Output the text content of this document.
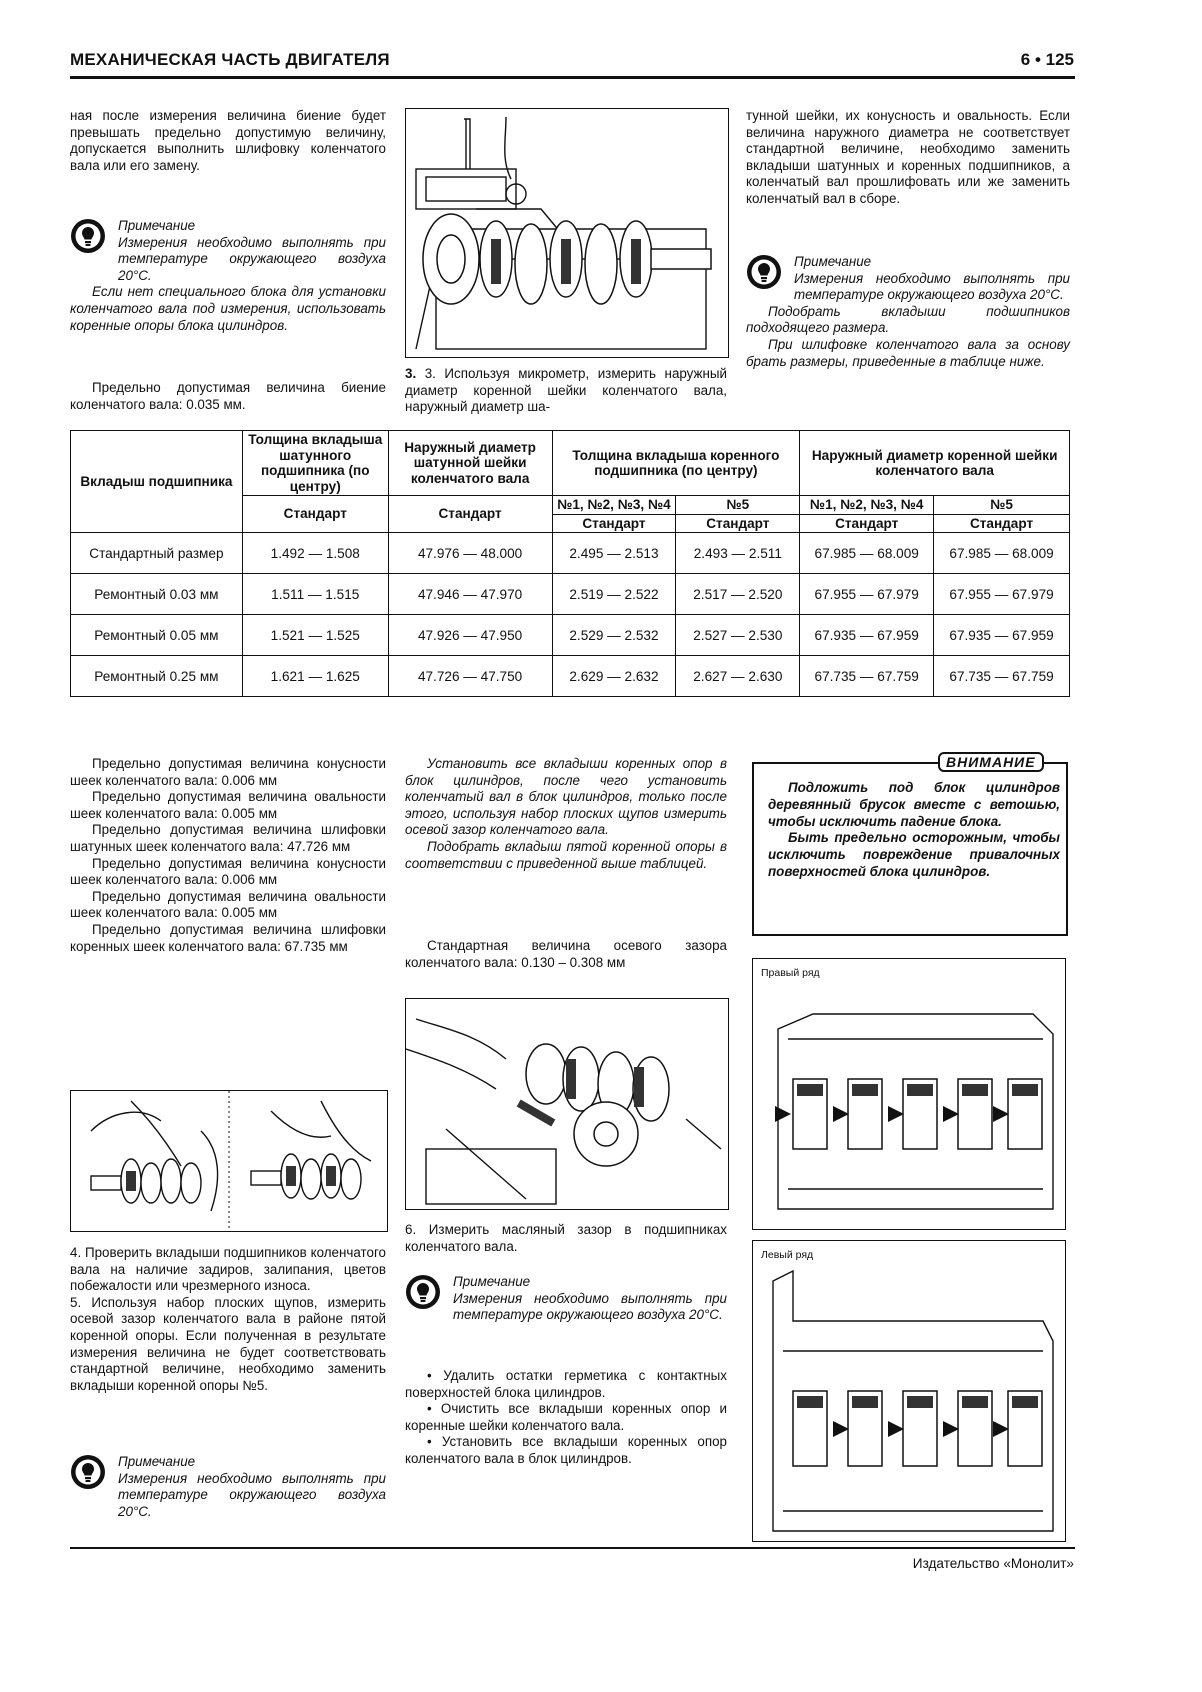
МЕХАНИЧЕСКАЯ ЧАСТЬ ДВИГАТЕЛЯ	6 • 125
ная после измерения величина биение будет превышать предельно допустимую величину, допускается выполнить шлифовку коленчатого вала или его замену.
Примечание
Измерения необходимо выполнять при температуре окружающего воздуха 20°C.
Если нет специального блока для установки коленчатого вала под измерения, использовать коренные опоры блока цилиндров.
Предельно допустимая величина биение коленчатого вала: 0.035 мм.
3. 3. Используя микрометр, измерить наружный диаметр коренной шейки коленчатого вала, наружный диаметр ша-
тунной шейки, их конусность и овальность. Если величина наружного диаметра не соответствует стандартной величине, необходимо заменить вкладыши шатунных и коренных подшипников, а коленчатый вал прошлифовать или же заменить коленчатый вал в сборе.
Примечание
Измерения необходимо выполнять при температуре окружающего воздуха 20°C.
Подобрать вкладыши подшипников подходящего размера.
При шлифовке коленчатого вала за основу брать размеры, приведенные в таблице ниже.
Вкладыш подшипника	Толщина вкладыша шатунного подшипника (по центру)	Наружный диаметр шатунной шейки коленчатого вала	Толщина вкладыша коренного подшипника (по центру)		Наружный диаметр коренной шейки коленчатого вала	
	Стандарт	Стандарт	№1, №2, №3, №4	№5	№1, №2, №3, №4	№5
			Стандарт	Стандарт	Стандарт	Стандарт
Стандартный размер	1.492 — 1.508	47.976 — 48.000	2.495 — 2.513	2.493 — 2.511	67.985 — 68.009	67.985 — 68.009
Ремонтный 0.03 мм	1.511 — 1.515	47.946 — 47.970	2.519 — 2.522	2.517 — 2.520	67.955 — 67.979	67.955 — 67.979
Ремонтный 0.05 мм	1.521 — 1.525	47.926 — 47.950	2.529 — 2.532	2.527 — 2.530	67.935 — 67.959	67.935 — 67.959
Ремонтный 0.25 мм	1.621 — 1.625	47.726 — 47.750	2.629 — 2.632	2.627 — 2.630	67.735 — 67.759	67.735 — 67.759

Предельно допустимая величина конусности шеек коленчатого вала: 0.006 мм

Предельно допустимая величина овальности шеек коленчатого вала: 0.005 мм

Предельно допустимая величина шлифовки шатунных шеек коленчатого вала: 47.726 мм

Предельно допустимая величина конусности шеек коленчатого вала: 0.006 мм

Предельно допустимая величина овальности шеек коленчатого вала: 0.005 мм

Предельно допустимая величина шлифовки коренных шеек коленчатого вала: 67.735 мм

4. Проверить вкладыши подшипников коленчатого вала на наличие задиров, залипания, цветов побежалости или чрезмерного износа.

5. Используя набор плоских щупов, измерить осевой зазор коленчатого вала в районе пятой коренной опоры. Если полученная в результате измерения величина не будет соответствовать стандартной величине, необходимо заменить вкладыши коренной опоры №5.

Примечание
Измерения необходимо выполнять при температуре окружающего воздуха 20°C.

Установить все вкладыши коренных опор в блок цилиндров, после чего установить коленчатый вал в блок цилиндров, только после этого, используя набор плоских щупов измерить осевой зазор коленчатого вала.

Подобрать вкладыш пятой коренной опоры в соответствии с приведенной выше таблицей.

Стандартная величина осевого зазора коленчатого вала: 0.130 – 0.308 мм
6. Измерить масляный зазор в подшипниках коленчатого вала.
Примечание
Измерения необходимо выполнять при температуре окружающего воздуха 20°C.

• Удалить остатки герметика с контактных поверхностей блока цилиндров.

• Очистить все вкладыши коренных опор и коренные шейки коленчатого вала.

• Установить все вкладыши коренных опор коленчатого вала в блок цилиндров.

ВНИМАНИЕ

Подложить под блок цилиндров деревянный брусок вместе с ветошью, чтобы исключить падение блока.

Быть предельно осторожным, чтобы исключить повреждение привалочных поверхностей блока цилиндров.

Правый ряд
Левый ряд
Издательство «Монолит»
